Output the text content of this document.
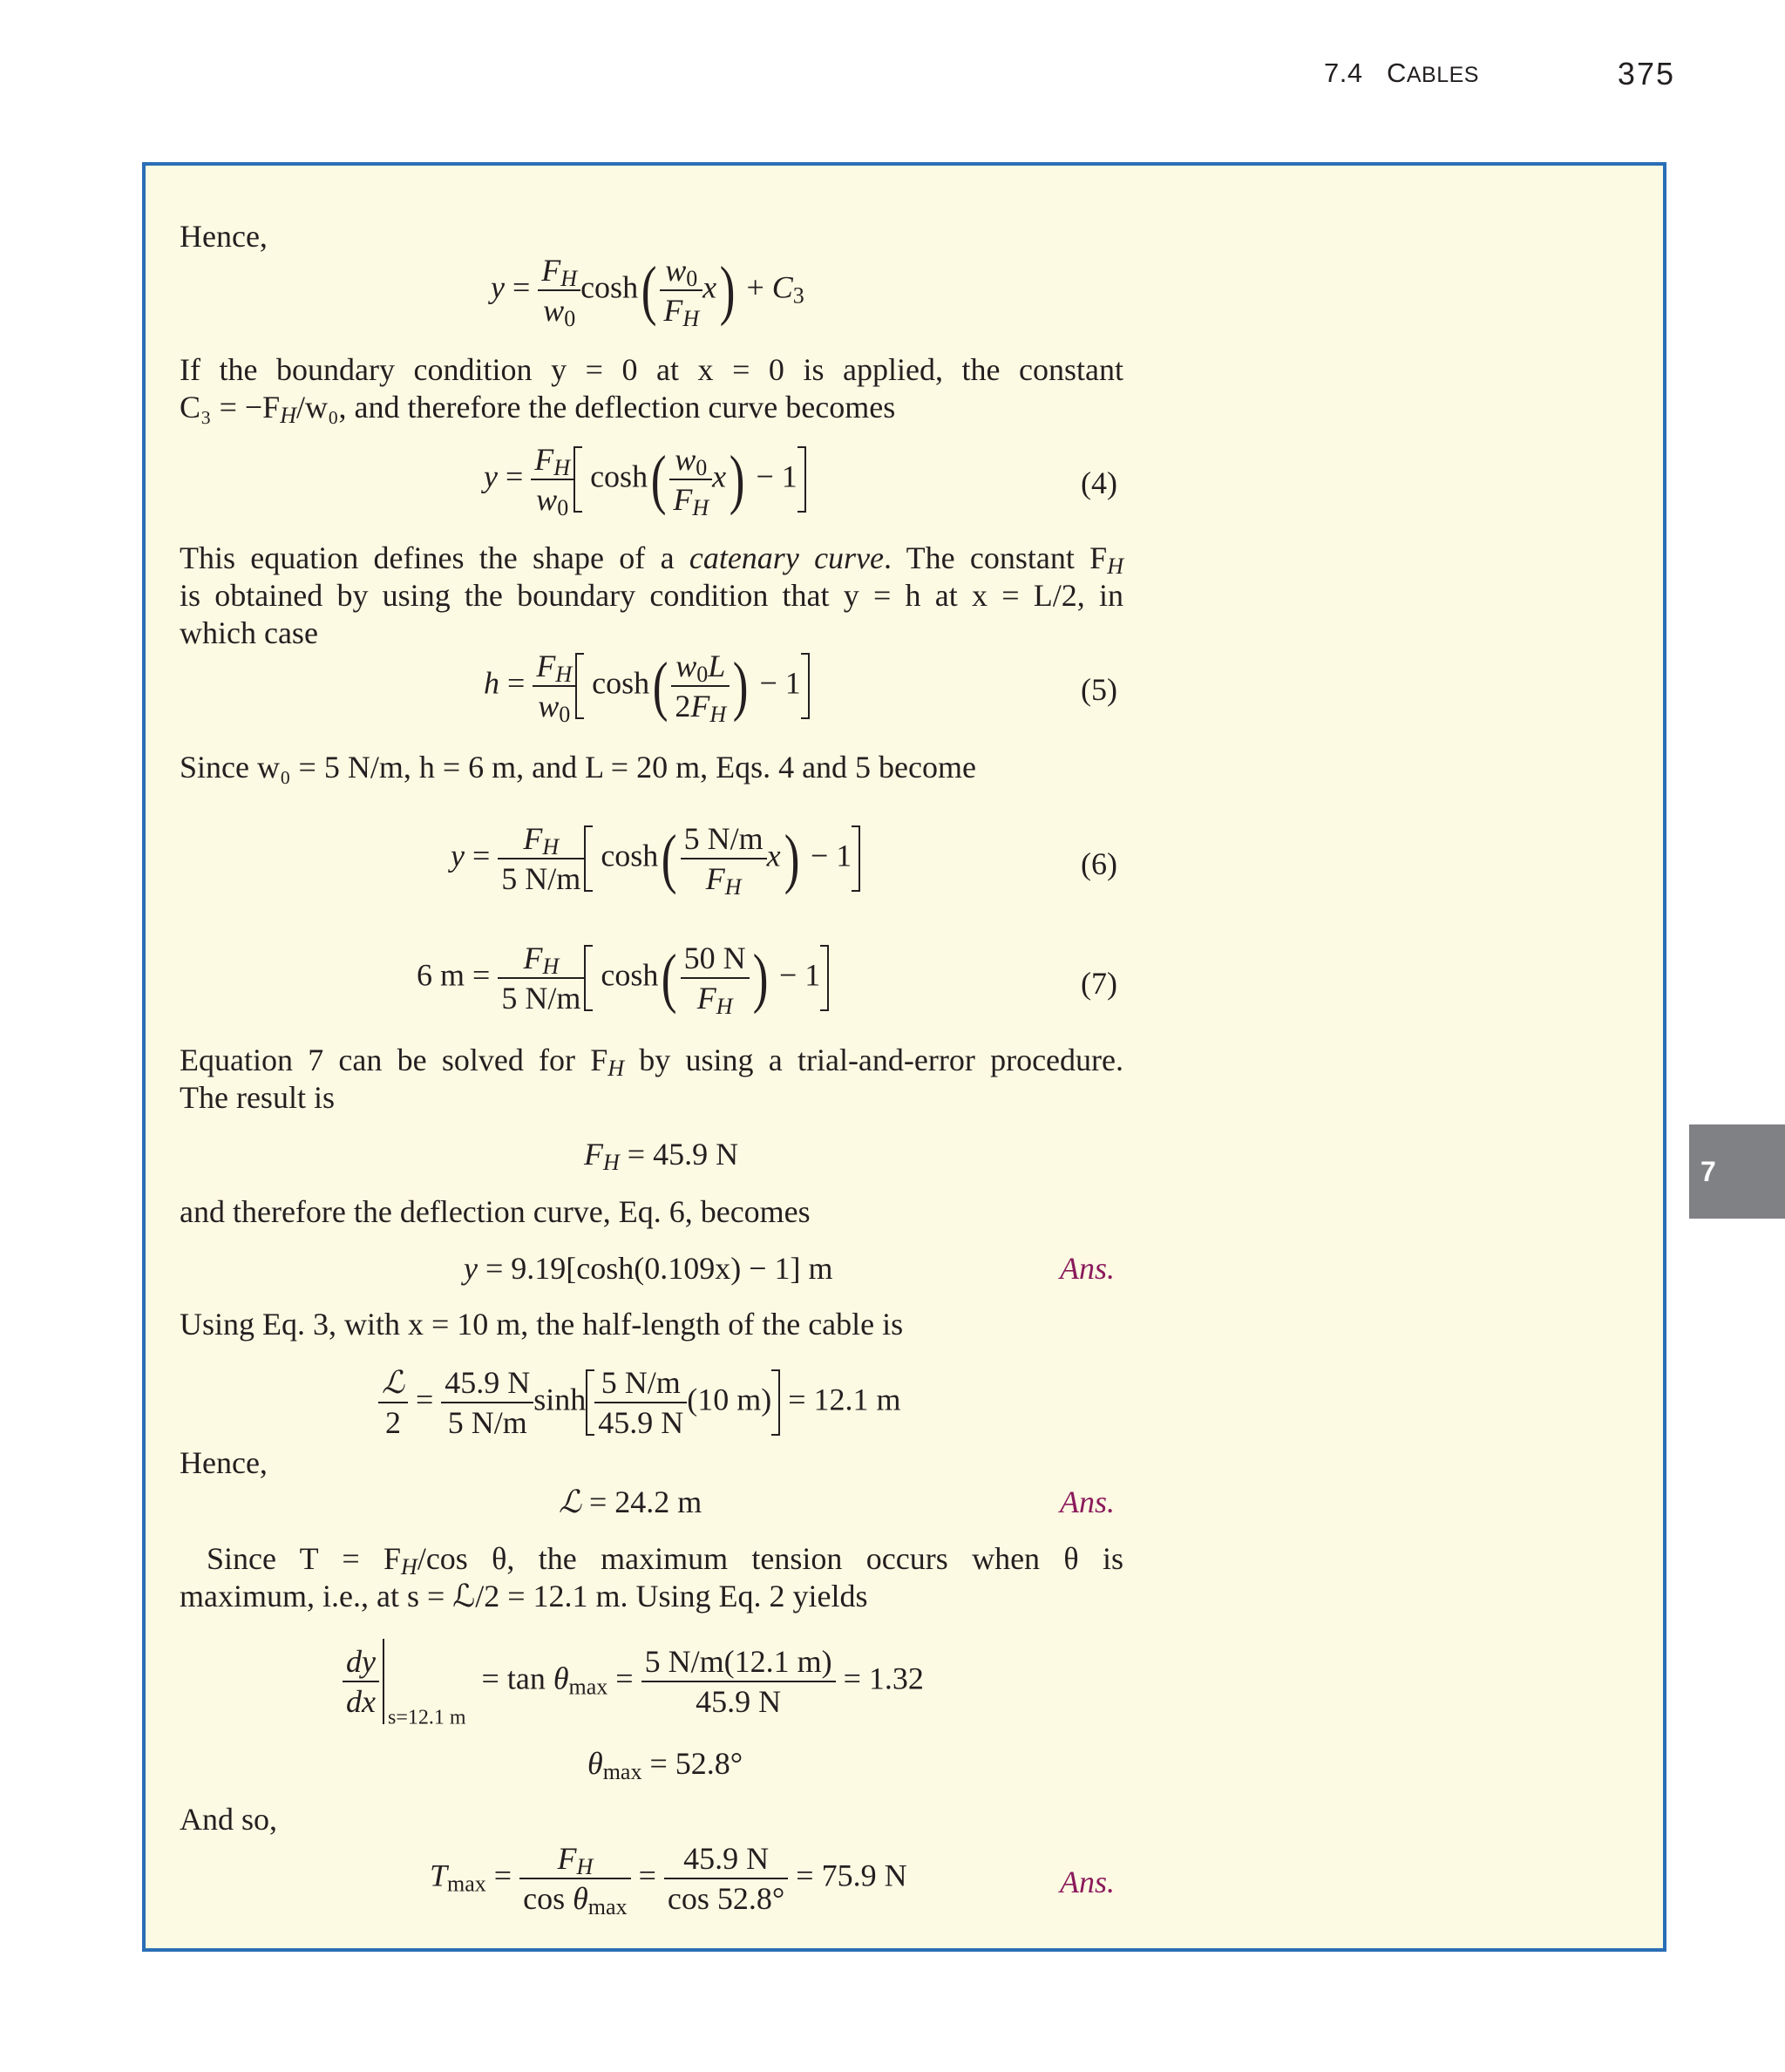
7.4 CABLES	375
7
Hence,
$y = \frac{F_H}{w_0} \cosh( \frac{w_0}{F_H} x) + C_3$
If the boundary condition y = 0 at x = 0 is applied, the constant
$C_3 = -F_H/w_0$, and therefore the deflection curve becomes
$y = \frac{F_H}{w_0} \cosh( \frac{w_0}{F_H} x) - 1$	(4)
This equation defines the shape of a catenary curve. The constant $F_H$
is obtained by using the boundary condition that y = h at x = L/2, in
which case
$h = \frac{F_H}{w_0} \cosh( \frac{w_0L}{2F_H}$ ) − 1	(5)
Since w₀ = 5 N/m, h = 6 m, and L = 20 m, Eqs. 4 and 5 become
$y = \frac{F_H}{5 N/m} \cosh( \frac{5 N/m}{F_H} x) - 1$	(6)
6 $m = \frac{F_H}{5 N/m} \cosh( \frac{50 N}{F_H}$ ) − 1	(7)
Equation 7 can be solved for $F_H$ by using a trial-and-error procedure.
The result is
$F_H = 45.9$ N
and therefore the deflection curve, Eq. 6, becomes
y = 9.19[cosh(0.109x) − 1] m	Ans.
Using Eq. 3, with x = 10 m, the half-length of the cable is
ℒ
2
= $\frac{45.9 N}{5 N/m}$ $\sinh \frac{5 N/m}{45.9 N} (10$ m) = 12.1 m
Hence,
ℒ = 24.2 m	Ans.
Since $T = F_H/\cos$ θ, the maximum tension occurs when θ is
maximum, i.e., at s = ℒ/2 = 12.1 m. Using Eq. 2 yields
$\frac{dy}{dx} _{s=12.1 m} = \tan \theta_{max} = \frac{5 N/m(12.1 m)}{45.9 N} = 1.32$
$\theta_{max} = 52.8^\circ$
And so,
$T_{max}$ =	$F_H$
$\cos \theta_{max}$
= $\frac{45.9 N}{\cos 52.8^\circ} = 75.9$ N	Ans.
